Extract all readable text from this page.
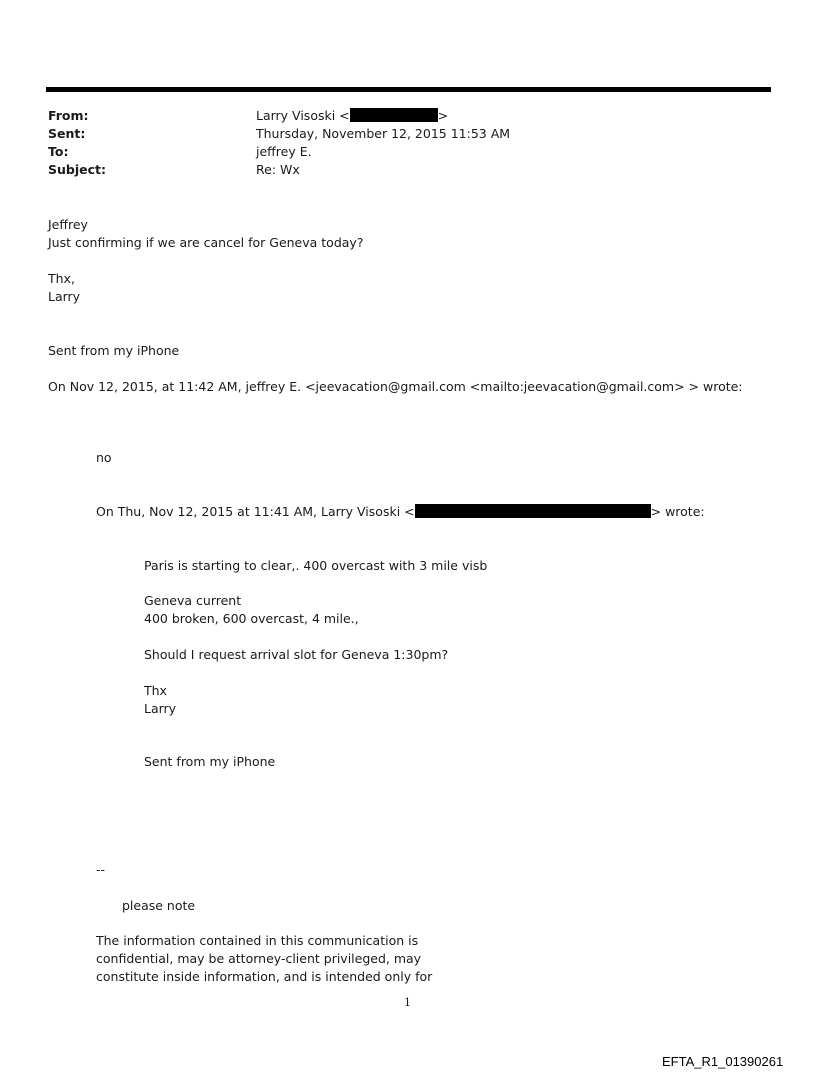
From:
Sent:
To:
Subject:
Larry Visoski <	>
Thursday, November 12, 2015 11:53 AM
jeffrey E.
Re: Wx
Jeffrey
Just confirming if we are cancel for Geneva today?
Thx,
Larry
Sent from my iPhone
On Nov 12, 2015, at 11:42 AM, jeffrey E. <jeevacation@gmail.com <mailto:jeevacation@gmail.com> > wrote:
no
On Thu, Nov 12, 2015 at 11:41 AM, Larry Visoski <	> wrote:
Paris is starting to clear,. 400 overcast with 3 mile visb
Geneva current
400 broken, 600 overcast, 4 mile.,
Should I request arrival slot for Geneva 1:30pm?
Thx
Larry
Sent from my iPhone
--
please note
The information contained in this communication is
confidential, may be attorney-client privileged, may
constitute inside information, and is intended only for
1
EFTA_R1_01390261
